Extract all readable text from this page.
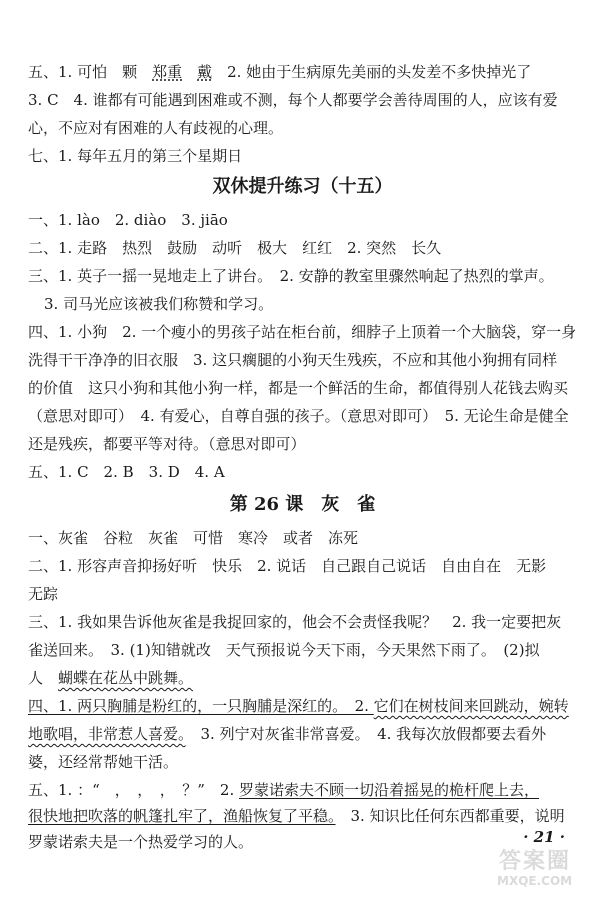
五、1. 可怕　颗　郑重　 戴　2. 她由于生病原先美丽的头发差不多快掉光了
3. C　4. 谁都有可能遇到困难或不测，每个人都要学会善待周围的人，应该有爱
心，不应对有困难的人有歧视的心理。
七、1. 每年五月的第三个星期日
双休提升练习（十五）
一、1. lào　2. diào　3. jiāo
二、1. 走路　热烈　鼓励　动听　极大　红红　2. 突然　长久
三、1. 英子一摇一晃地走上了讲台。　2. 安静的教室里骤然响起了热烈的掌声。
3. 司马光应该被我们称赞和学习。
四、1. 小狗　2. 一个瘦小的男孩子站在柜台前，细脖子上顶着一个大脑袋，穿一身
洗得干干净净的旧衣服　3. 这只瘸腿的小狗天生残疾，不应和其他小狗拥有同样
的价值　这只小狗和其他小狗一样，都是一个鲜活的生命，都值得别人花钱去购买
（意思对即可）　4. 有爱心，自尊自强的孩子。（意思对即可）　5. 无论生命是健全
还是残疾，都要平等对待。（意思对即可）
五、1. C　2. B　3. D　4. A
第 26 课　灰　雀
一、灰雀　谷粒　灰雀　可惜　寒冷　或者　冻死
二、1. 形容声音抑扬好听　快乐　2. 说话　自己跟自己说话　自由自在　无影
无踪
三、1. 我如果告诉他灰雀是我捉回家的，他会不会责怪我呢？　2. 我一定要把灰
雀送回来。　3. (1)知错就改　天气预报说今天下雨，今天果然下雨了。　(2)拟
人　蝴蝶在花丛中跳舞。
四、1. 两只胸脯是粉红的，一只胸脯是深红的。　2. 它们在树枝间来回跳动，婉转
地歌唱，非常惹人喜爱。　3. 列宁对灰雀非常喜爱。　4. 我每次放假都要去看外
婆，还经常帮她干活。
五、1. ：“　，　，　，　？”　2. 罗蒙诺索夫不顾一切沿着摇晃的桅杆爬上去，
很快地把吹落的帆篷扎牢了，渔船恢复了平稳。　3. 知识比任何东西都重要，说明
罗蒙诺索夫是一个热爱学习的人。	· 21 ·
答案圈
MXQE.COM
